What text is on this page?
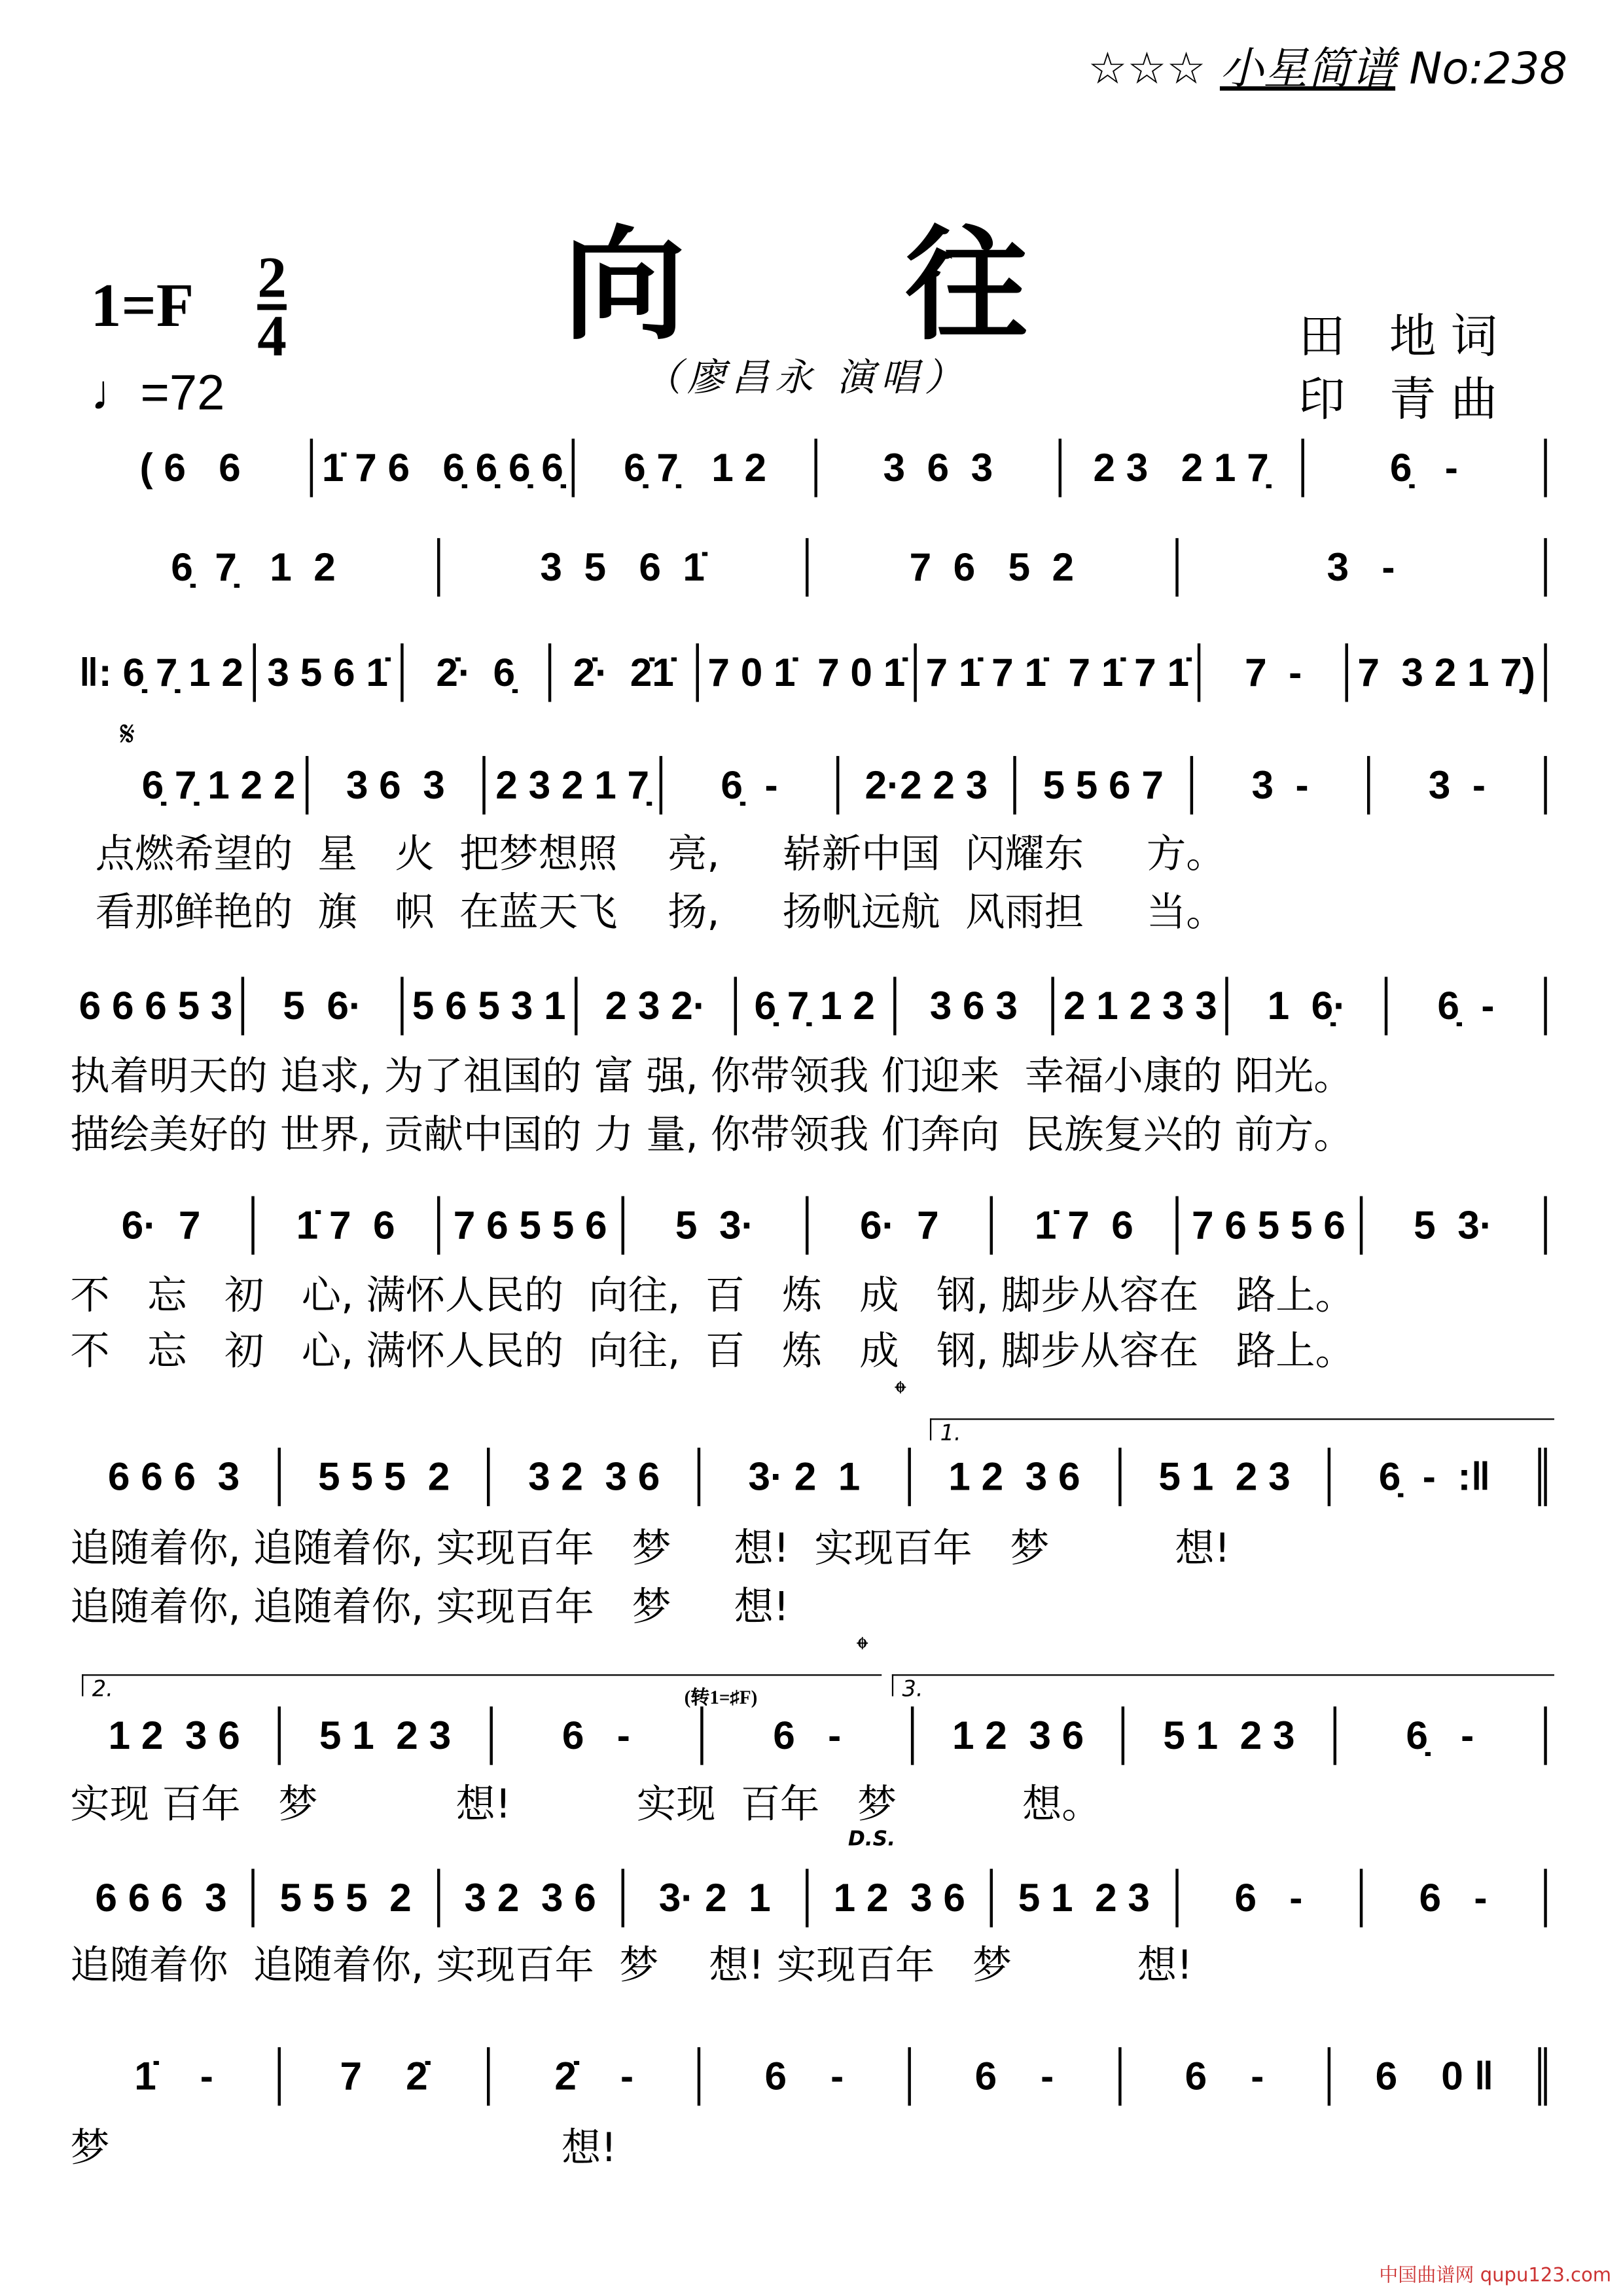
☆☆☆ 小星简谱 No:238
向往
1=F 2
4
♩=72	（廖昌永 演唱）
田 地词
印 青曲
( 6   6	1̇ 7 6   6̣ 6̣ 6̣ 6̣	6̣ 7̣   1 2	3  6  3	2 3   2 1 7̣	6̣   -
6̣  7̣   1  2	3  5   6  1̇	7  6   5  2	3   -
‖: 6̣ 7̣ 1 2	3 5 6 1̇	2̇·  6̣	2̇·  2̇1̇	7 0 1̇  7 0 1̇	7 1̇ 7 1̇  7 1̇ 7 1̇	7  -	7  3 2 1 7̣)
6̣ 7̣ 1 2 2	3 6  3	2 3 2 1 7̣	6̣  -	2·2 2 3	5 5 6 7	3  -	3  -
点燃希望的  星   火  把梦想照    亮,     崭新中国  闪耀东     方。
看那鲜艳的  旗   帜  在蓝天飞    扬,     扬帆远航  风雨担     当。
6 6 6 5 3	5  6·	5 6 5 3 1	2 3 2·	6̣ 7̣ 1 2	3 6 3	2 1 2 3 3	1  6̣·	6̣  -
执着明天的 追求, 为了祖国的 富 强, 你带领我 们迎来  幸福小康的 阳光。
描绘美好的 世界, 贡献中国的 力 量, 你带领我 们奔向  民族复兴的 前方。
6·  7	1̇ 7  6	7 6 5 5 6	5  3·	6·  7	1̇ 7  6	7 6 5 5 6	5  3·
不   忘   初   心, 满怀人民的  向往,  百   炼   成   钢, 脚步从容在   路上。
不   忘   初   心, 满怀人民的  向往,  百   炼   成   钢, 脚步从容在   路上。
6 6 6  3	5 5 5  2	3 2  3 6	3· 2  1	1 2  3 6	5 1  2 3	6̣  -  :‖
追随着你, 追随着你, 实现百年   梦     想!  实现百年   梦          想!
追随着你, 追随着你, 实现百年   梦     想!
1 2  3 6	5 1  2 3	6   -	6   -	1 2  3 6	5 1  2 3	6̣   -
实现 百年   梦           想!          实现  百年   梦          想。
6 6 6  3	5 5 5  2	3 2  3 6	3· 2  1	1 2  3 6	5 1  2 3	6   -	6   -
追随着你  追随着你, 实现百年  梦    想! 实现百年   梦          想!
1̇    -	7    2̇	2̇    -	6    -	6    -	6    -	6    0 ‖
梦                                    想!
𝄋
1.
2.	3.
𝄌
𝄌
(转1=♯F)
D.S.
中国曲谱网 qupu123.com
